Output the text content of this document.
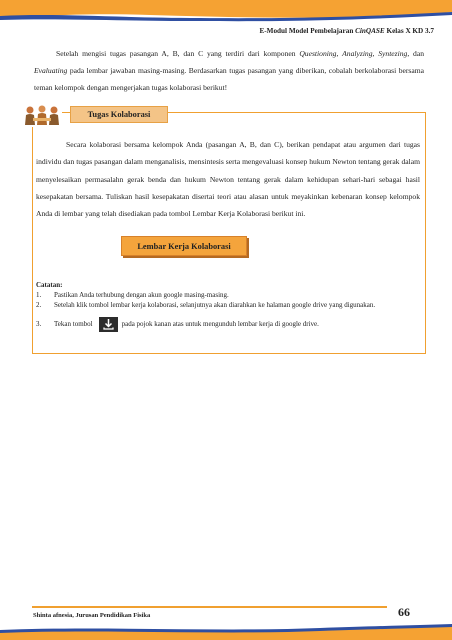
E-Modul Model Pembelajaran CinQASE Kelas X KD 3.7

Setelah mengisi tugas pasangan A, B, dan C yang terdiri dari komponen Questioning, Analyzing, Syntezing, dan Evaluating pada lembar jawaban masing-masing. Berdasarkan tugas pasangan yang diberikan, cobalah berkolaborasi bersama teman kelompok dengan mengerjakan tugas kolaborasi berikut!

Tugas Kolaborasi

Secara kolaborasi bersama kelompok Anda (pasangan A, B, dan C), berikan pendapat atau argumen dari tugas individu dan tugas pasangan dalam menganalisis, mensintesis serta mengevaluasi konsep hukum Newton tentang gerak dalam menyelesaikan permasalahn gerak benda dan hukum Newton tentang gerak dalam kehidupan sehari-hari sebagai hasil kesepakatan bersama. Tuliskan hasil kesepakatan disertai teori atau alasan untuk meyakinkan kebenaran konsep kelompok Anda di lembar yang telah disediakan pada tombol Lembar Kerja Kolaborasi berikut ini.

Lembar Kerja Kolaborasi
Catatan:
1.	Pastikan Anda terhubung dengan akun google masing-masing.
2.	Setelah klik tombol lembar kerja kolaborasi, selanjutnya akan diarahkan ke halaman google drive yang digunakan.
3.	Tekan tombol	pada pojok kanan atas untuk mengunduh lembar kerja di google drive.
Shinta afnesia, Jurusan Pendidikan Fisika	66
